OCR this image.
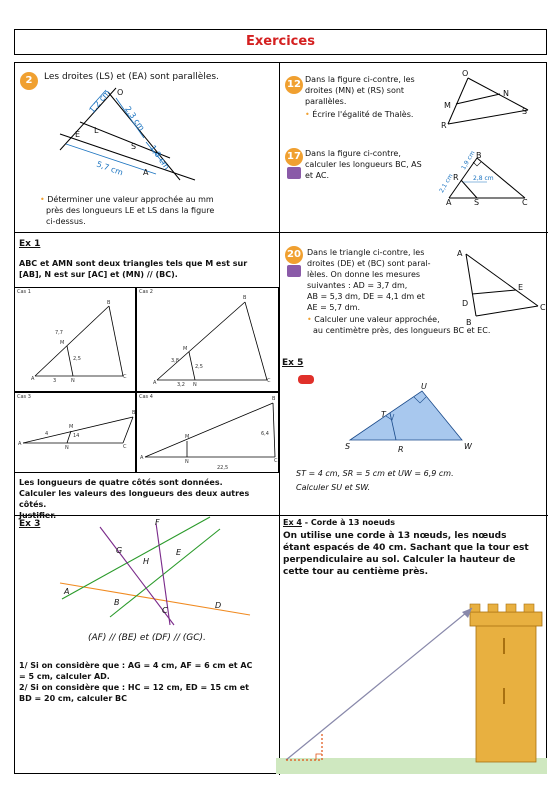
Exercices
2 Les droites (LS) et (EA) sont parallèles.
O
L
E
S
A
1,2 cm
2,3 cm
1,8 cm
5,7 cm
• Déterminer une valeur approchée au mm
près des longueurs LE et LS dans la figure
ci-dessus.
12 Dans la figure ci-contre, les
droites (MN) et (RS) sont
parallèles.
• Écrire l'égalité de Thalès.
O
M
N
S
R
17 Dans la figure ci-contre,
calculer les longueurs BC, AS
et AC.
B
R
A	S	C
1,9 cm
2,1 cm	2,8 cm
Ex 1
ABC et AMN sont deux triangles tels que M est sur
[AB], N est sur [AC] et (MN) // (BC).
Cas 1
A
B
C
M
N
7,7
2,5
3
Cas 2
A
B
C
M
N
3,8
2,5
3,2
Cas 3
A
B
C
M
N
4	14
Cas 4
A
B
C
M
N
6,4
22,5
Les longueurs de quatre côtés sont données.
Calculer les valeurs des longueurs des deux autres côtés.
Justifier.
20 Dans le triangle ci-contre, les
droites (DE) et (BC) sont paral-
lèles. On donne les mesures
suivantes : AD = 3,7 dm,
AB = 5,3 dm, DE = 4,1 dm et
AE = 5,7 dm.
• Calculer une valeur approchée,
au centimètre près, des longueurs BC et EC.
A
E
D	C
B
Ex 5
U
T
S	R	W
ST = 4 cm, SR = 5 cm et UW = 6,9 cm.
Calculer SU et SW.
Ex 3	F
G
H
E
A
B
C
D
(AF) // (BE) et (DF) // (GC).
1/ Si on considère que : AG = 4 cm, AF = 6 cm et AC
= 5 cm, calculer AD.
2/ Si on considère que : HC = 12 cm, ED = 15 cm et
BD = 20 cm, calculer BC
Ex 4 - Corde à 13 noeuds
On utilise une corde à 13 nœuds, les nœuds
étant espacés de 40 cm. Sachant que la tour est
perpendiculaire au sol. Calculer la hauteur de
cette tour au centième près.
